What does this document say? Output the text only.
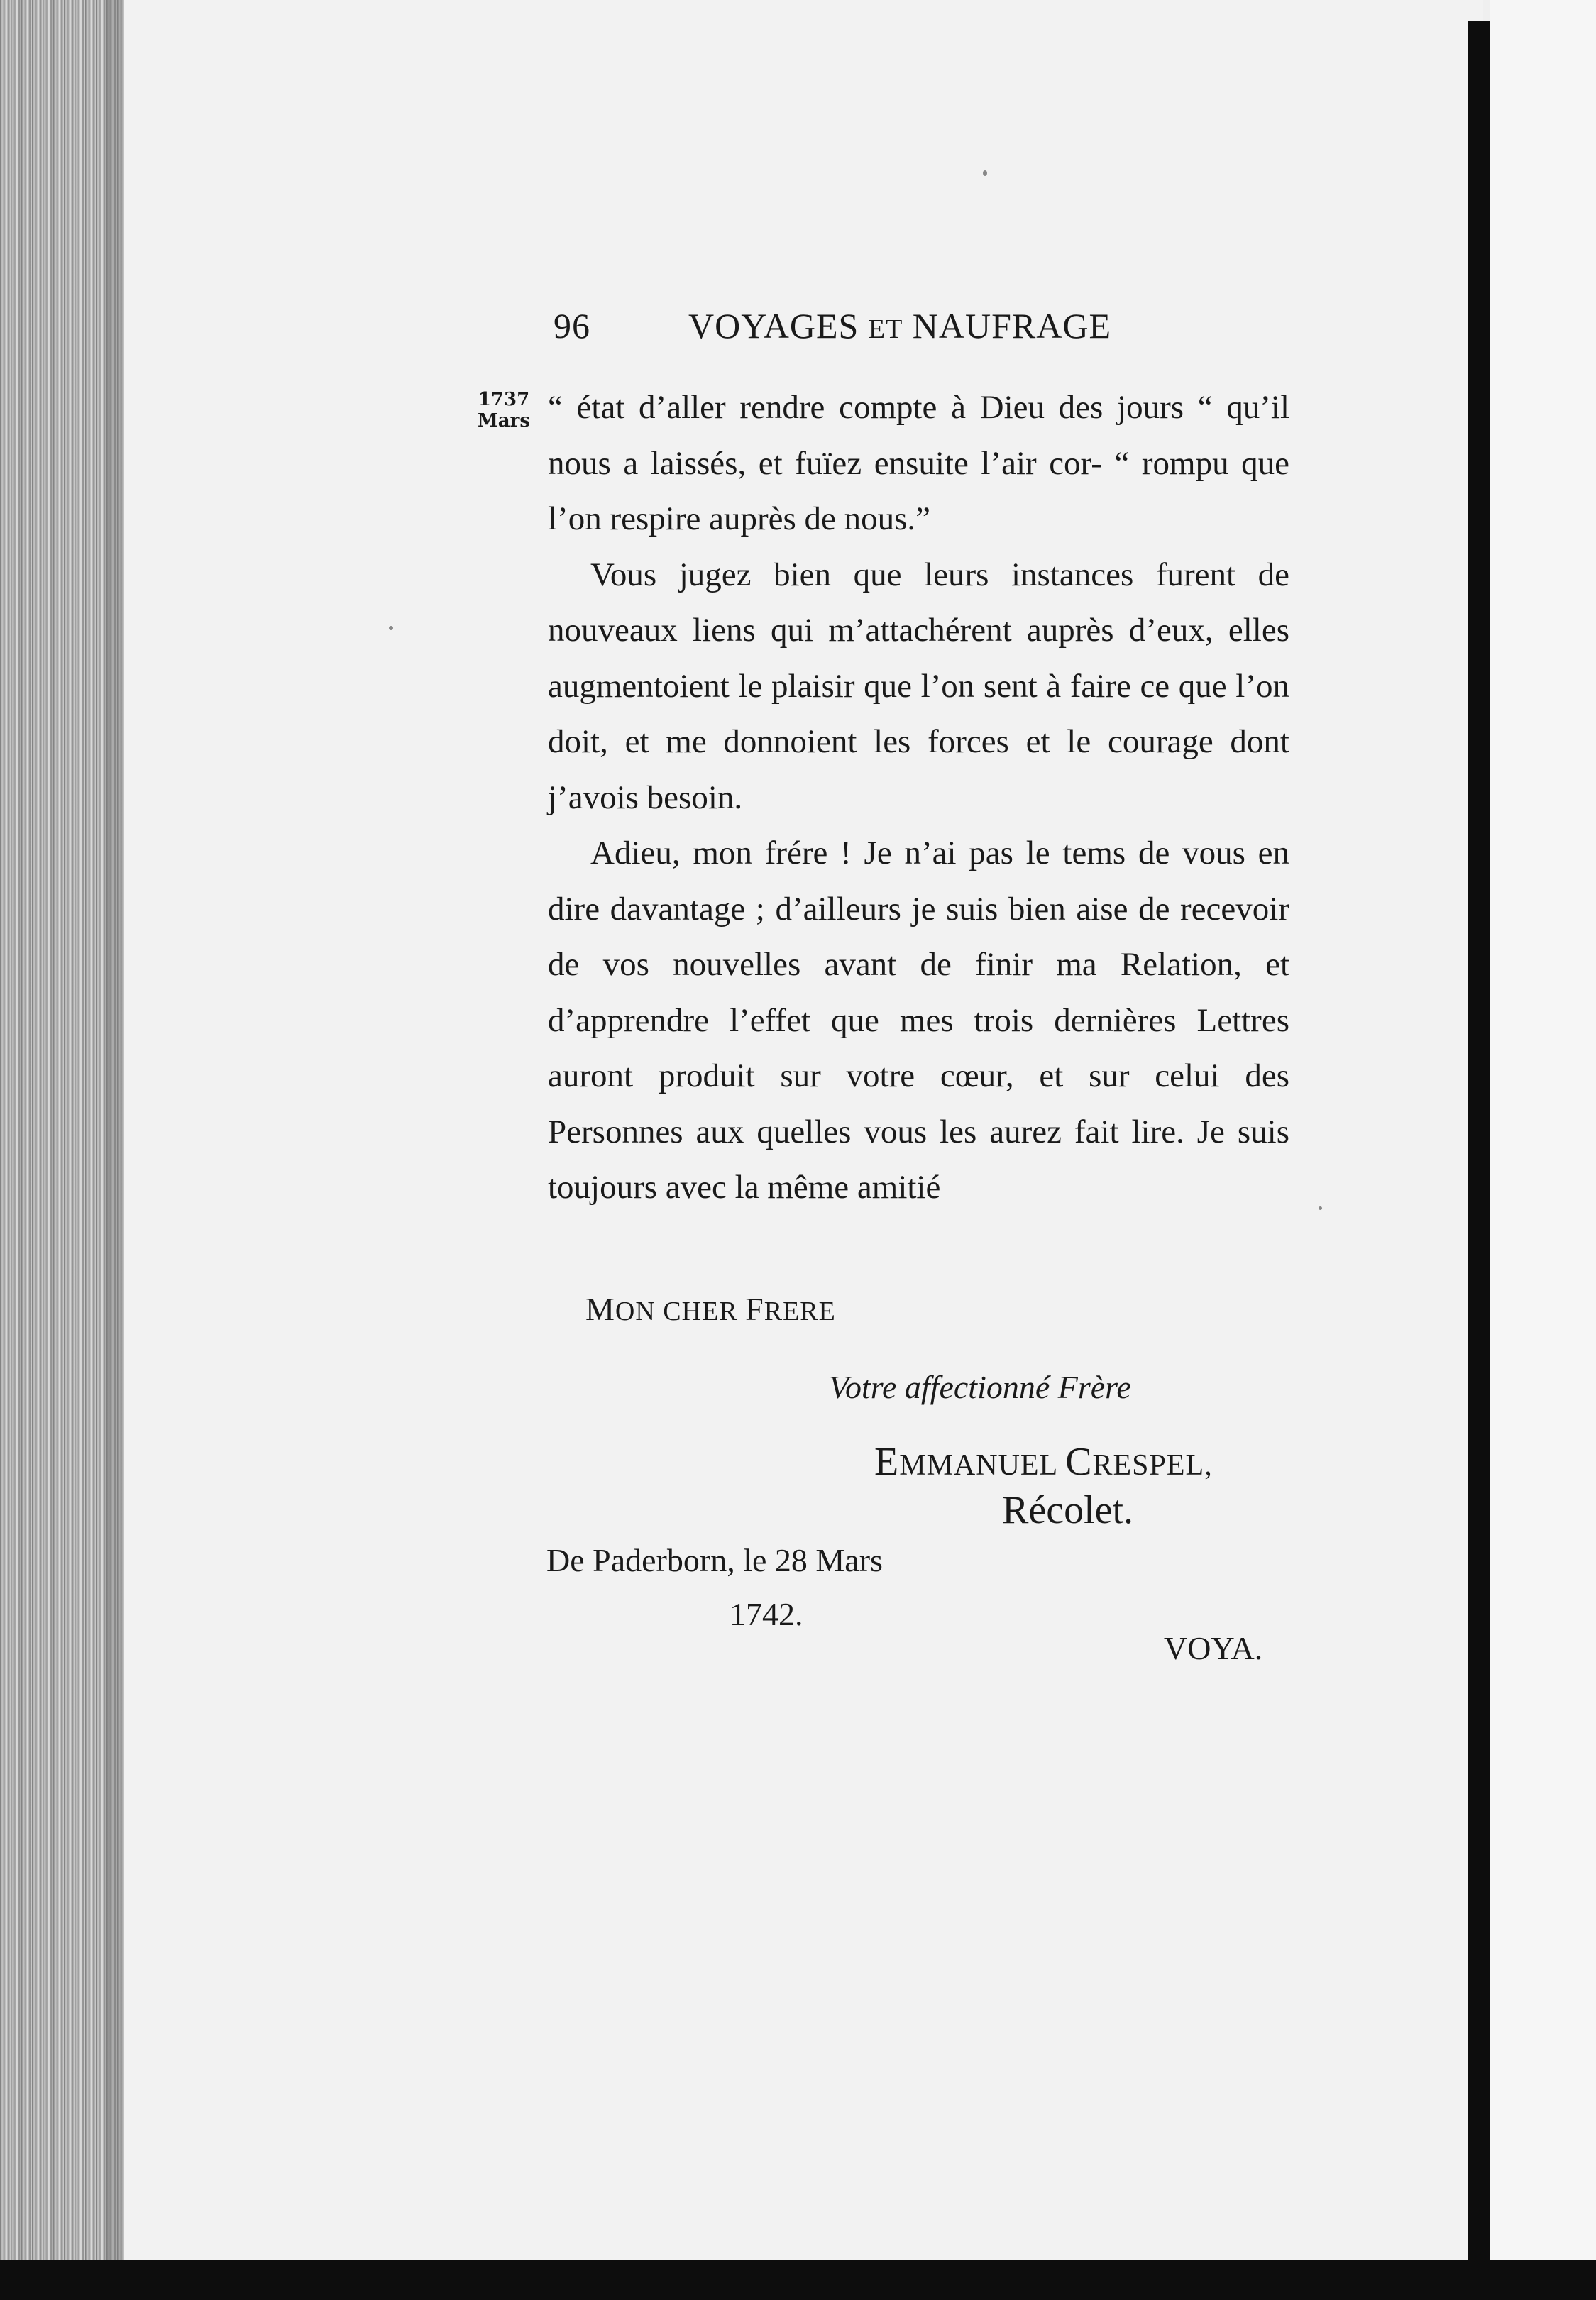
96	VOYAGES ET NAUFRAGE
1737
Mars “ état d’aller rendre compte à Dieu des jours “ qu’il nous a laissés, et fuïez ensuite l’air cor- “ rompu que l’on respire auprès de nous.”

Vous jugez bien que leurs instances furent de nouveaux liens qui m’attachérent auprès d’eux, elles augmentoient le plaisir que l’on sent à faire ce que l’on doit, et me donnoient les forces et le courage dont j’avois besoin.

Adieu, mon frére ! Je n’ai pas le tems de vous en dire davantage ; d’ailleurs je suis bien aise de recevoir de vos nouvelles avant de finir ma Relation, et d’apprendre l’effet que mes trois dernières Lettres auront produit sur votre cœur, et sur celui des Personnes aux quelles vous les aurez fait lire. Je suis toujours avec la même amitié

MON CHER FRERE
Votre affectionné Frère
EMMANUEL CRESPEL,
Récolet.
De Paderborn, le 28 Mars
1742.
VOYA.
